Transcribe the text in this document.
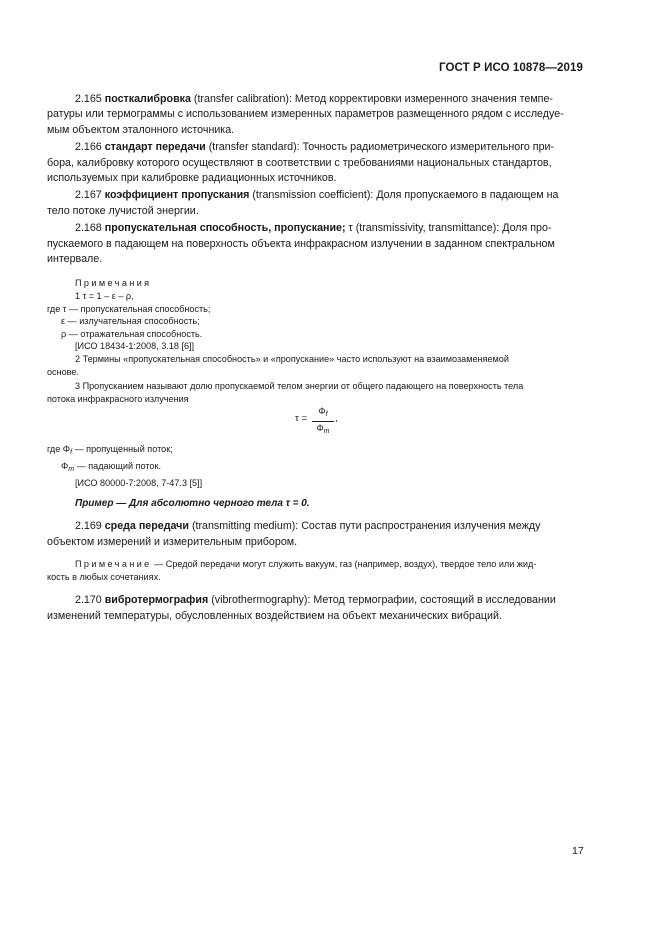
ГОСТ Р ИСО 10878—2019

2.165 посткалибровка (transfer calibration): Метод корректировки измеренного значения темпе-

ратуры или термограммы с использованием измеренных параметров размещенного рядом с исследуе-

мым объектом эталонного источника.

2.166 стандарт передачи (transfer standard): Точность радиометрического измерительного при-

бора, калибровку которого осуществляют в соответствии с требованиями национальных стандартов,

используемых при калибровке радиационных источников.

2.167 коэффициент пропускания (transmission coefficient): Доля пропускаемого в падающем на

тело потоке лучистой энергии.

2.168 пропускательная способность, пропускание; τ (transmissivity, transmittance): Доля про-

пускаемого в падающем на поверхность объекта инфракрасном излучении в заданном спектральном

интервале.

Примечания

1 τ = 1 – ε – ρ,

где τ — пропускательная способность;

ε — излучательная способность;

ρ — отражательная способность.

[ИСО 18434-1:2008, 3.18 [6]]

2 Термины «пропускательная способность» и «пропускание» часто используют на взаимозаменяемой

основе.

3 Пропусканием называют долю пропускаемой телом энергии от общего падающего на поверхность тела

потока инфракрасного излучения

$\tau = \frac{\Phi_f}{\Phi_m}$ ,

где $\Phi_f$ — пропущенный поток;

$\Phi_m$ — падающий поток.

[ИСО 80000-7:2008, 7-47.3 [5]]

Пример — Для абсолютно черного тела τ = 0.

2.169 среда передачи (transmitting medium): Состав пути распространения излучения между

объектом измерений и измерительным прибором.

Примечание — Средой передачи могут служить вакуум, газ (например, воздух), твердое тело или жид-

кость в любых сочетаниях.

2.170 вибротермография (vibrothermography): Метод термографии, состоящий в исследовании

изменений температуры, обусловленных воздействием на объект механических вибраций.

17
